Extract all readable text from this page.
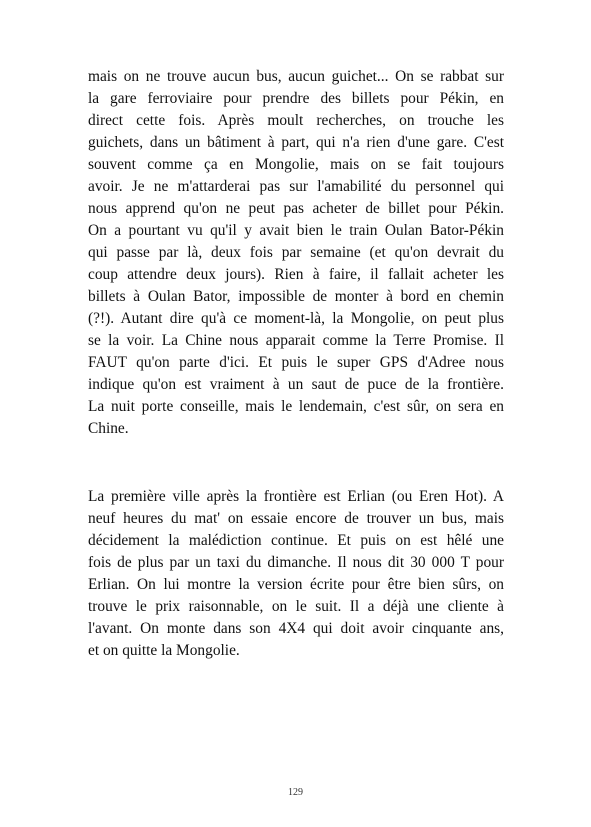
mais on ne trouve aucun bus, aucun guichet... On se rabbat sur
la gare ferroviaire pour prendre des billets pour Pékin, en
direct cette fois. Après moult recherches, on trouche les
guichets, dans un bâtiment à part, qui n'a rien d'une gare. C'est
souvent comme ça en Mongolie, mais on se fait toujours
avoir. Je ne m'attarderai pas sur l'amabilité du personnel qui
nous apprend qu'on ne peut pas acheter de billet pour Pékin.
On a pourtant vu qu'il y avait bien le train Oulan Bator-Pékin
qui passe par là, deux fois par semaine (et qu'on devrait du
coup attendre deux jours). Rien à faire, il fallait acheter les
billets à Oulan Bator, impossible de monter à bord en chemin
(?!). Autant dire qu'à ce moment-là, la Mongolie, on peut plus
se la voir. La Chine nous apparait comme la Terre Promise. Il
FAUT qu'on parte d'ici. Et puis le super GPS d'Adree nous
indique qu'on est vraiment à un saut de puce de la frontière.
La nuit porte conseille, mais le lendemain, c'est sûr, on sera en
Chine.
La première ville après la frontière est Erlian (ou Eren Hot). A
neuf heures du mat' on essaie encore de trouver un bus, mais
décidement la malédiction continue. Et puis on est hêlé une
fois de plus par un taxi du dimanche. Il nous dit 30 000 T pour
Erlian. On lui montre la version écrite pour être bien sûrs, on
trouve le prix raisonnable, on le suit. Il a déjà une cliente à
l'avant. On monte dans son 4X4 qui doit avoir cinquante ans,
et on quitte la Mongolie.
129
